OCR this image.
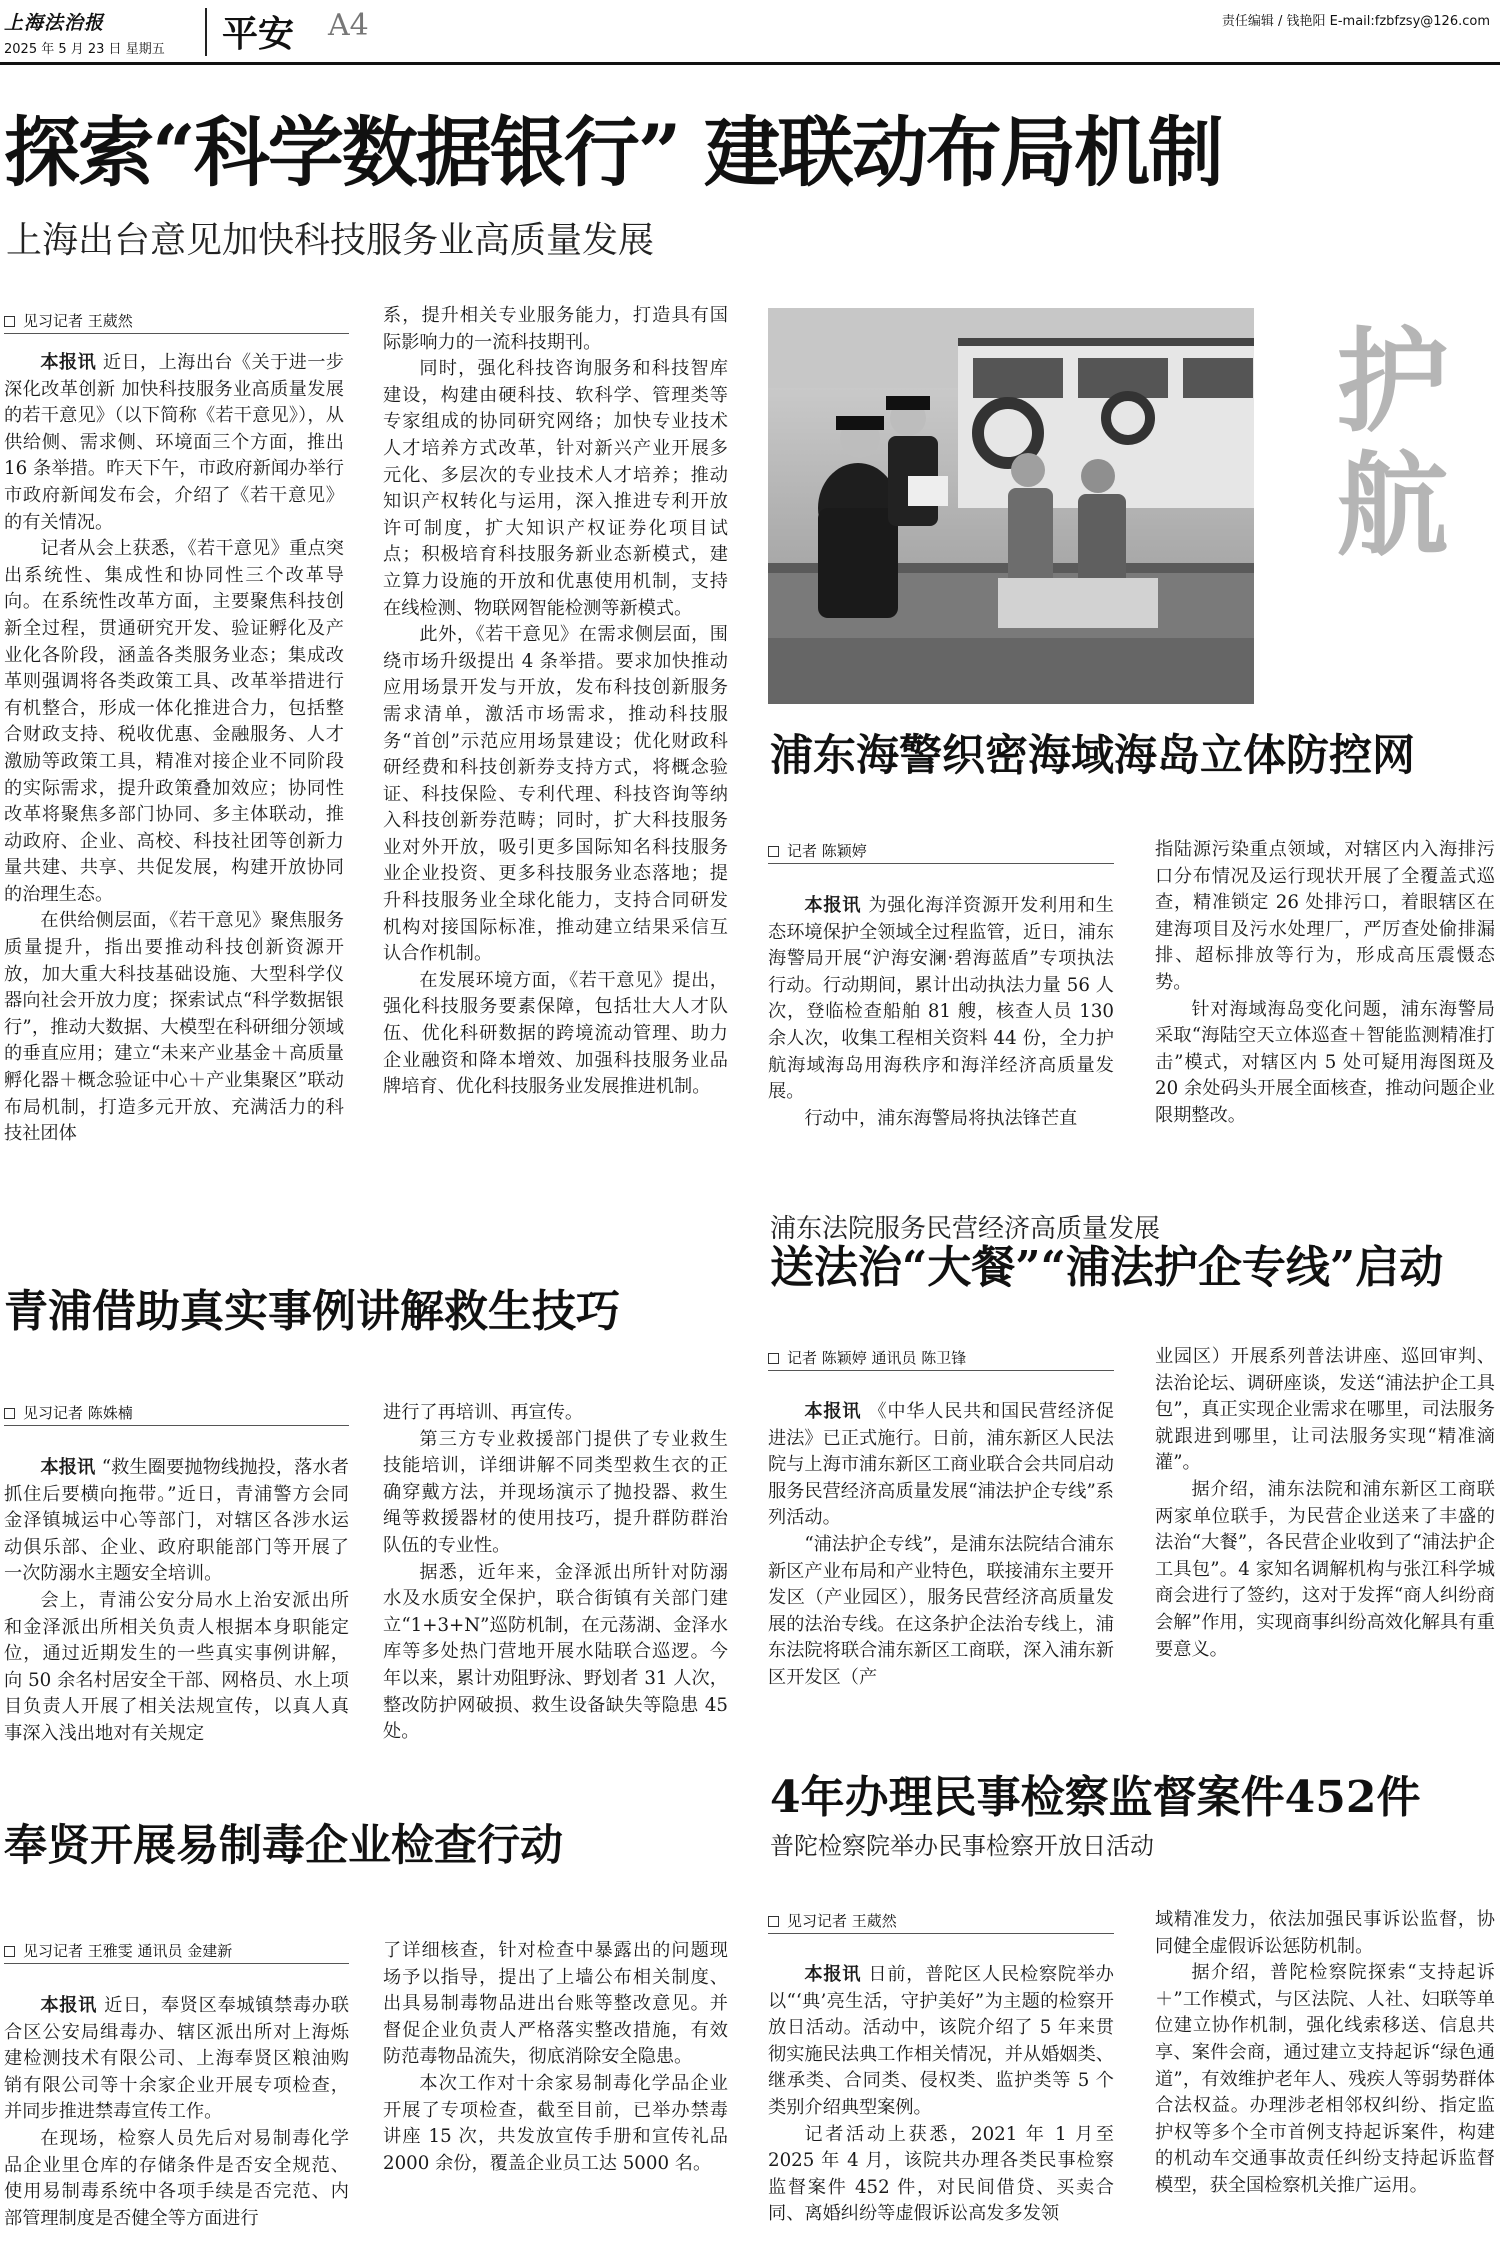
上海法治报
2025 年 5 月 23 日 星期五 平安 A4	责任编辑 / 钱艳阳 E-mail:fzbfzsy@126.com
探索“科学数据银行” 建联动布局机制
上海出台意见加快科技服务业高质量发展
见习记者 王葳然

本报讯 近日，上海出台《关于进一步深化改革创新 加快科技服务业高质量发展的若干意见》（以下简称《若干意见》），从供给侧、需求侧、环境面三个方面，推出 16 条举措。昨天下午，市政府新闻办举行市政府新闻发布会，介绍了《若干意见》的有关情况。

记者从会上获悉，《若干意见》重点突出系统性、集成性和协同性三个改革导向。在系统性改革方面，主要聚焦科技创新全过程，贯通研究开发、验证孵化及产业化各阶段，涵盖各类服务业态；集成改革则强调将各类政策工具、改革举措进行有机整合，形成一体化推进合力，包括整合财政支持、税收优惠、金融服务、人才激励等政策工具，精准对接企业不同阶段的实际需求，提升政策叠加效应；协同性改革将聚焦多部门协同、多主体联动，推动政府、企业、高校、科技社团等创新力量共建、共享、共促发展，构建开放协同的治理生态。

在供给侧层面，《若干意见》聚焦服务质量提升，指出要推动科技创新资源开放，加大重大科技基础设施、大型科学仪器向社会开放力度；探索试点“科学数据银行”，推动大数据、大模型在科研细分领域的垂直应用；建立“未来产业基金＋高质量孵化器＋概念验证中心＋产业集聚区”联动布局机制，打造多元开放、充满活力的科技社团体

系，提升相关专业服务能力，打造具有国际影响力的一流科技期刊。

同时，强化科技咨询服务和科技智库建设，构建由硬科技、软科学、管理类等专家组成的协同研究网络；加快专业技术人才培养方式改革，针对新兴产业开展多元化、多层次的专业技术人才培养；推动知识产权转化与运用，深入推进专利开放许可制度，扩大知识产权证券化项目试点；积极培育科技服务新业态新模式，建立算力设施的开放和优惠使用机制，支持在线检测、物联网智能检测等新模式。

此外，《若干意见》在需求侧层面，围绕市场升级提出 4 条举措。要求加快推动应用场景开发与开放，发布科技创新服务需求清单，激活市场需求，推动科技服务“首创”示范应用场景建设；优化财政科研经费和科技创新券支持方式，将概念验证、科技保险、专利代理、科技咨询等纳入科技创新券范畴；同时，扩大科技服务业对外开放，吸引更多国际知名科技服务业企业投资、更多科技服务业态落地；提升科技服务业全球化能力，支持合同研发机构对接国际标准，推动建立结果采信互认合作机制。

在发展环境方面，《若干意见》提出，强化科技服务要素保障，包括壮大人才队伍、优化科研数据的跨境流动管理、助力企业融资和降本增效、加强科技服务业品牌培育、优化科技服务业发展推进机制。

护航
浦东海警织密海域海岛立体防控网
记者 陈颖婷

本报讯 为强化海洋资源开发利用和生态环境保护全领域全过程监管，近日，浦东海警局开展“沪海安澜·碧海蓝盾”专项执法行动。行动期间，累计出动执法力量 56 人次，登临检查船舶 81 艘，核查人员 130 余人次，收集工程相关资料 44 份，全力护航海域海岛用海秩序和海洋经济高质量发展。

行动中，浦东海警局将执法锋芒直

指陆源污染重点领域，对辖区内入海排污口分布情况及运行现状开展了全覆盖式巡查，精准锁定 26 处排污口，着眼辖区在建海项目及污水处理厂，严厉查处偷排漏排、超标排放等行为，形成高压震慑态势。

针对海域海岛变化问题，浦东海警局采取“海陆空天立体巡查＋智能监测精准打击”模式，对辖区内 5 处可疑用海图斑及 20 余处码头开展全面核查，推动问题企业限期整改。

青浦借助真实事例讲解救生技巧
见习记者 陈姝楠

本报讯 “救生圈要抛物线抛投，落水者抓住后要横向拖带。”近日，青浦警方会同金泽镇城运中心等部门，对辖区各涉水运动俱乐部、企业、政府职能部门等开展了一次防溺水主题安全培训。

会上，青浦公安分局水上治安派出所和金泽派出所相关负责人根据本身职能定位，通过近期发生的一些真实事例讲解，向 50 余名村居安全干部、网格员、水上项目负责人开展了相关法规宣传，以真人真事深入浅出地对有关规定

进行了再培训、再宣传。

第三方专业救援部门提供了专业救生技能培训，详细讲解不同类型救生衣的正确穿戴方法，并现场演示了抛投器、救生绳等救援器材的使用技巧，提升群防群治队伍的专业性。

据悉，近年来，金泽派出所针对防溺水及水质安全保护，联合街镇有关部门建立“1+3+N”巡防机制，在元荡湖、金泽水库等多处热门营地开展水陆联合巡逻。今年以来，累计劝阻野泳、野划者 31 人次，整改防护网破损、救生设备缺失等隐患 45 处。

浦东法院服务民营经济高质量发展
送法治“大餐”“浦法护企专线”启动
记者 陈颖婷 通讯员 陈卫锋

本报讯 《中华人民共和国民营经济促进法》已正式施行。日前，浦东新区人民法院与上海市浦东新区工商业联合会共同启动服务民营经济高质量发展“浦法护企专线”系列活动。

“浦法护企专线”，是浦东法院结合浦东新区产业布局和产业特色，联接浦东主要开发区（产业园区），服务民营经济高质量发展的法治专线。在这条护企法治专线上，浦东法院将联合浦东新区工商联，深入浦东新区开发区（产

业园区）开展系列普法讲座、巡回审判、法治论坛、调研座谈，发送“浦法护企工具包”，真正实现企业需求在哪里，司法服务就跟进到哪里，让司法服务实现“精准滴灌”。

据介绍，浦东法院和浦东新区工商联两家单位联手，为民营企业送来了丰盛的法治“大餐”，各民营企业收到了“浦法护企工具包”。4 家知名调解机构与张江科学城商会进行了签约，这对于发挥“商人纠纷商会解”作用，实现商事纠纷高效化解具有重要意义。

奉贤开展易制毒企业检查行动
见习记者 王雅雯 通讯员 金建新

本报讯 近日，奉贤区奉城镇禁毒办联合区公安局缉毒办、辖区派出所对上海烁建检测技术有限公司、上海奉贤区粮油购销有限公司等十余家企业开展专项检查，并同步推进禁毒宣传工作。

在现场，检察人员先后对易制毒化学品企业里仓库的存储条件是否安全规范、使用易制毒系统中各项手续是否完范、内部管理制度是否健全等方面进行

了详细核查，针对检查中暴露出的问题现场予以指导，提出了上墙公布相关制度、出具易制毒物品进出台账等整改意见。并督促企业负责人严格落实整改措施，有效防范毒物品流失，彻底消除安全隐患。

本次工作对十余家易制毒化学品企业开展了专项检查，截至目前，已举办禁毒讲座 15 次，共发放宣传手册和宣传礼品 2000 余份，覆盖企业员工达 5000 名。

4年办理民事检察监督案件452件
普陀检察院举办民事检察开放日活动
见习记者 王葳然

本报讯 日前，普陀区人民检察院举办以“‘典’亮生活，守护美好”为主题的检察开放日活动。活动中，该院介绍了 5 年来贯彻实施民法典工作相关情况，并从婚姻类、继承类、合同类、侵权类、监护类等 5 个类别介绍典型案例。

记者活动上获悉，2021 年 1 月至 2025 年 4 月，该院共办理各类民事检察监督案件 452 件，对民间借贷、买卖合同、离婚纠纷等虚假诉讼高发多发领

域精准发力，依法加强民事诉讼监督，协同健全虚假诉讼惩防机制。

据介绍，普陀检察院探索“支持起诉＋”工作模式，与区法院、人社、妇联等单位建立协作机制，强化线索移送、信息共享、案件会商，通过建立支持起诉“绿色通道”，有效维护老年人、残疾人等弱势群体合法权益。办理涉老相邻权纠纷、指定监护权等多个全市首例支持起诉案件，构建的机动车交通事故责任纠纷支持起诉监督模型，获全国检察机关推广运用。
